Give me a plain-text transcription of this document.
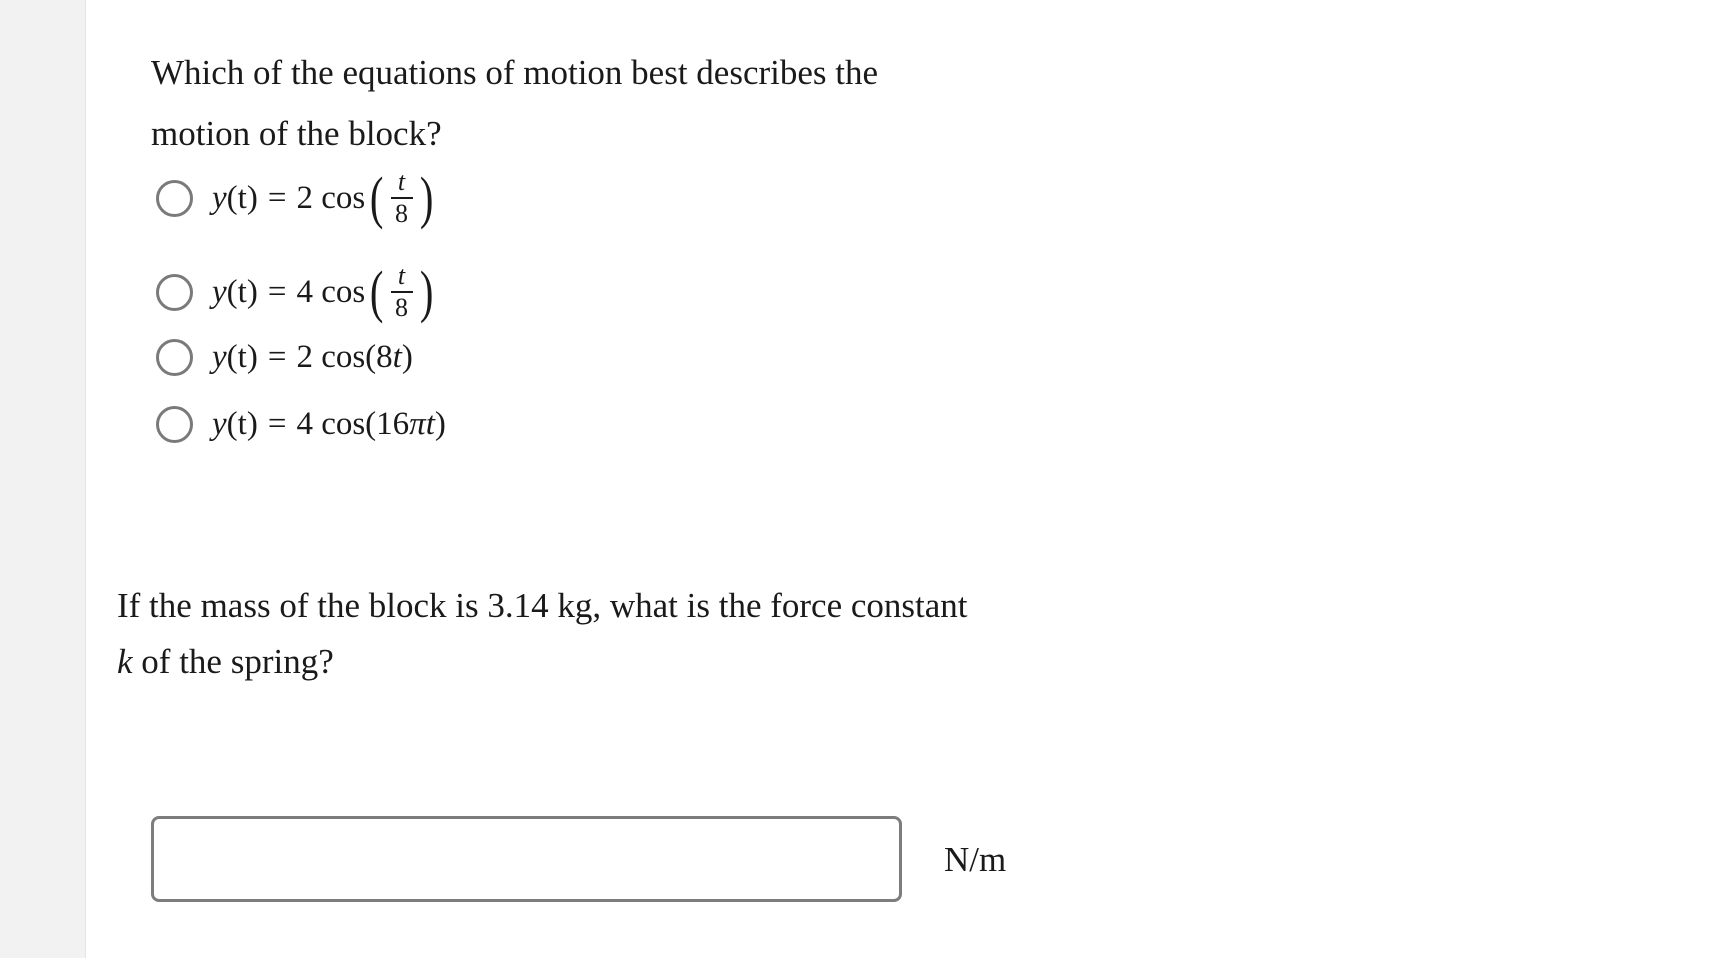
Which of the equations of motion best describes the motion of the block?

y (t) = 2
cos ( $\frac{t}{8}$ )
y (t) = 4
cos ( $\frac{t}{8}$ )
y (t) = 2
cos(8 t )
y (t) = 4
cos(16 πt )

If the mass of the block is 3.14 kg, what is the force constant
k of the spring?

N/m
